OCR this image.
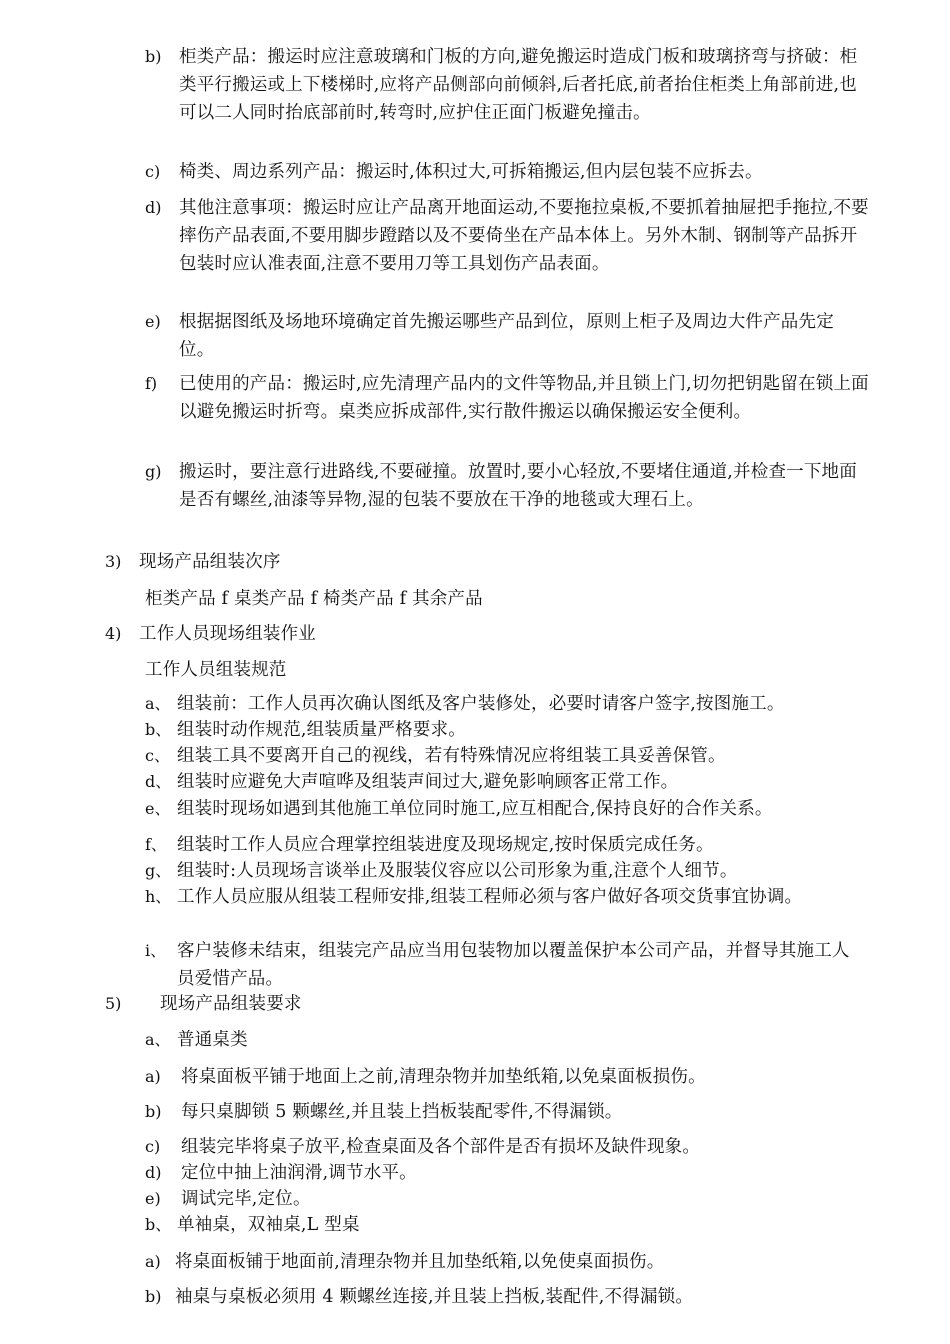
b)	柜类产品：搬运时应注意玻璃和门板的方向,避免搬运时造成门板和玻璃挤弯与挤破：柜类平行搬运或上下楼梯时,应将产品侧部向前倾斜,后者托底,前者抬住柜类上角部前进,也可以二人同时抬底部前时,转弯时,应护住正面门板避免撞击。
c)	椅类、周边系列产品：搬运时,体积过大,可拆箱搬运,但内层包装不应拆去。
d)	其他注意事项：搬运时应让产品离开地面运动,不要拖拉桌板,不要抓着抽屉把手拖拉,不要摔伤产品表面,不要用脚步蹬踏以及不要倚坐在产品本体上。另外木制、钢制等产品拆开包装时应认准表面,注意不要用刀等工具划伤产品表面。
e)	根据据图纸及场地环境确定首先搬运哪些产品到位，原则上柜子及周边大件产品先定位。
f)	已使用的产品：搬运时,应先清理产品内的文件等物品,并且锁上门,切勿把钥匙留在锁上面以避免搬运时折弯。桌类应拆成部件,实行散件搬运以确保搬运安全便利。
g)	搬运时，要注意行进路线,不要碰撞。放置时,要小心轻放,不要堵住通道,并检查一下地面是否有螺丝,油漆等异物,湿的包装不要放在干净的地毯或大理石上。
3)	现场产品组装次序
柜类产品 f 桌类产品 f 椅类产品 f 其余产品
4)	工作人员现场组装作业
工作人员组装规范
a、 组装前：工作人员再次确认图纸及客户装修处，必要时请客户签字,按图施工。
b、 组装时动作规范,组装质量严格要求。
c、 组装工具不要离开自己的视线，若有特殊情况应将组装工具妥善保管。
d、 组装时应避免大声喧哗及组装声间过大,避免影响顾客正常工作。
e、 组装时现场如遇到其他施工单位同时施工,应互相配合,保持良好的合作关系。
f、 组装时工作人员应合理掌控组装进度及现场规定,按时保质完成任务。
g、 组装时:人员现场言谈举止及服装仪容应以公司形象为重,注意个人细节。
h、 工作人员应服从组装工程师安排,组装工程师必须与客户做好各项交货事宜协调。
i、 客户装修未结束，组装完产品应当用包装物加以覆盖保护本公司产品，并督导其施工人员爱惜产品。
5)	现场产品组装要求
a、 普通桌类
a)	将桌面板平铺于地面上之前,清理杂物并加垫纸箱,以免桌面板损伤。
b)	每只桌脚锁 5 颗螺丝,并且装上挡板装配零件,不得漏锁。
c)	组装完毕将桌子放平,检查桌面及各个部件是否有损坏及缺件现象。
d)	定位中抽上油润滑,调节水平。
e)	调试完毕,定位。
b、 单袖桌，双袖桌,L 型桌
a) 将桌面板铺于地面前,清理杂物并且加垫纸箱,以免使桌面损伤。
b) 袖桌与桌板必须用 4 颗螺丝连接,并且装上挡板,装配件,不得漏锁。
